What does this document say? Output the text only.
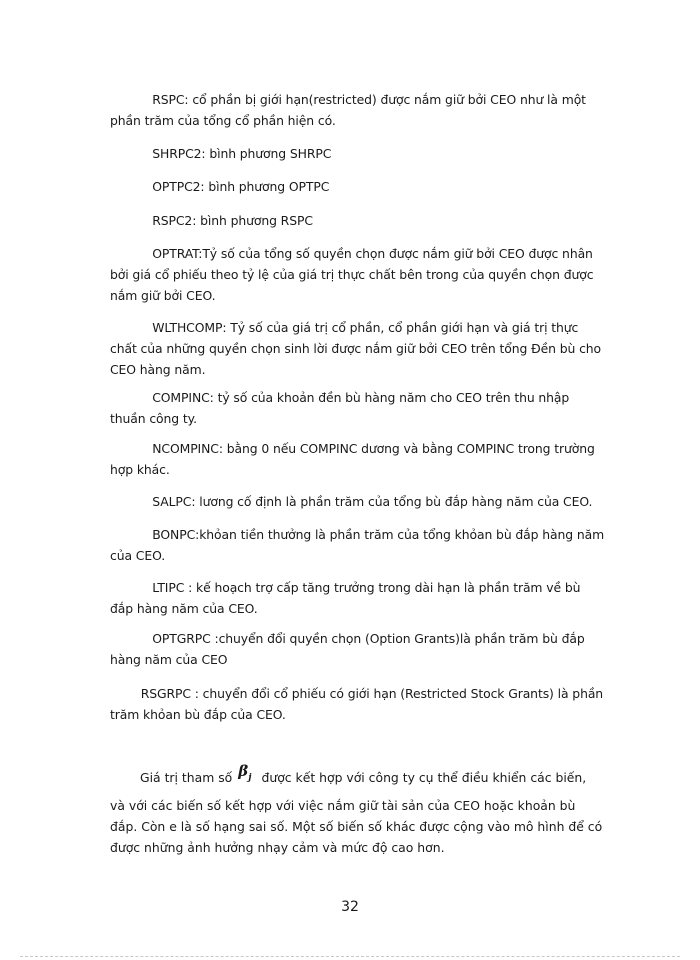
RSPC: cổ phần bị giới hạn(restricted) được nắm giữ bởi CEO như là một phần trăm của tổng cổ phần hiện có.

SHRPC2: bình phương SHRPC

OPTPC2: bình phương OPTPC

RSPC2: bình phương RSPC

OPTRAT:Tỷ số của tổng số quyền chọn được nắm giữ bởi CEO được nhân bởi giá cổ phiếu theo tỷ lệ của giá trị thực chất bên trong của quyền chọn được nắm giữ bởi CEO.

WLTHCOMP: Tỷ số của giá trị cổ phần, cổ phần giới hạn và giá trị thực chất của những quyền chọn sinh lời được nắm giữ bởi CEO trên tổng Đền bù cho CEO hàng năm.

COMPINC: tỷ số của khoản đền bù hàng năm cho CEO trên thu nhập thuần công ty.

NCOMPINC: bằng 0 nếu COMPINC dương và bằng COMPINC trong trường hợp khác.

SALPC: lương cố định là phần trăm của tổng bù đắp hàng năm của CEO.

BONPC:khỏan tiền thưởng là phần trăm của tổng khỏan bù đắp hàng năm của CEO.

LTIPC : kế hoạch trợ cấp tăng trưởng trong dài hạn là phần trăm về bù đắp hàng năm của CEO.

OPTGRPC :chuyển đổi quyền chọn (Option Grants)là phần trăm bù đắp hàng năm của CEO

RSGRPC : chuyển đổi cổ phiếu có giới hạn (Restricted Stock Grants) là phần trăm khỏan bù đắp của CEO.

Giá trị tham số $\beta_j$ được kết hợp với công ty cụ thể điều khiển các biến, và với các biến số kết hợp với việc nắm giữ tài sản của CEO hoặc khoản bù đắp. Còn e là số hạng sai số. Một số biến số khác được cộng vào mô hình để có được những ảnh hưởng nhạy cảm và mức độ cao hơn.

32
